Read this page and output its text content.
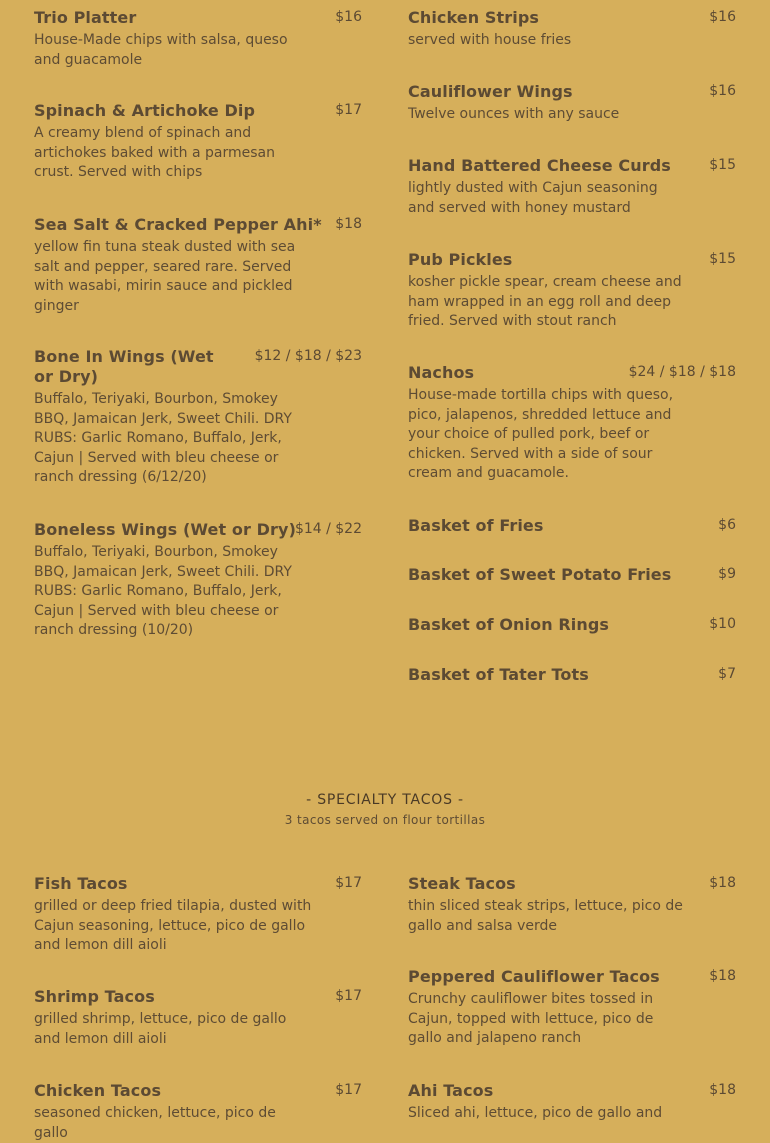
Trio Platter	$16
House-Made chips with salsa, queso and guacamole
Spinach & Artichoke Dip	$17
A creamy blend of spinach and artichokes baked with a parmesan crust. Served with chips
Sea Salt & Cracked Pepper Ahi* $18
yellow fin tuna steak dusted with sea salt and pepper, seared rare. Served with wasabi, mirin sauce and pickled ginger
Bone In Wings (Wet or Dry)
$12 / $18 / $23
Buffalo, Teriyaki, Bourbon, Smokey BBQ, Jamaican Jerk, Sweet Chili. DRY RUBS: Garlic Romano, Buffalo, Jerk, Cajun | Served with bleu cheese or ranch dressing (6/12/20)
Boneless Wings (Wet or Dry)
$14 / $22
Buffalo, Teriyaki, Bourbon, Smokey BBQ, Jamaican Jerk, Sweet Chili. DRY RUBS: Garlic Romano, Buffalo, Jerk, Cajun | Served with bleu cheese or ranch dressing (10/20)
Chicken Strips	$16
served with house fries
Cauliflower Wings	$16
Twelve ounces with any sauce
Hand Battered Cheese Curds	$15
lightly dusted with Cajun seasoning and served with honey mustard
Pub Pickles	$15
kosher pickle spear, cream cheese and ham wrapped in an egg roll and deep fried. Served with stout ranch
Nachos	$24 / $18 / $18
House-made tortilla chips with queso, pico, jalapenos, shredded lettuce and your choice of pulled pork, beef or chicken. Served with a side of sour cream and guacamole.
Basket of Fries	$6
Basket of Sweet Potato Fries	$9
Basket of Onion Rings	$10
Basket of Tater Tots	$7
- SPECIALTY TACOS -
3 tacos served on flour tortillas
Fish Tacos	$17
grilled or deep fried tilapia, dusted with Cajun seasoning, lettuce, pico de gallo and lemon dill aioli
Shrimp Tacos	$17
grilled shrimp, lettuce, pico de gallo and lemon dill aioli
Chicken Tacos	$17
seasoned chicken, lettuce, pico de gallo
Steak Tacos	$18
thin sliced steak strips, lettuce, pico de gallo and salsa verde
Peppered Cauliflower Tacos	$18
Crunchy cauliflower bites tossed in Cajun, topped with lettuce, pico de gallo and jalapeno ranch
Ahi Tacos	$18
Sliced ahi, lettuce, pico de gallo and
